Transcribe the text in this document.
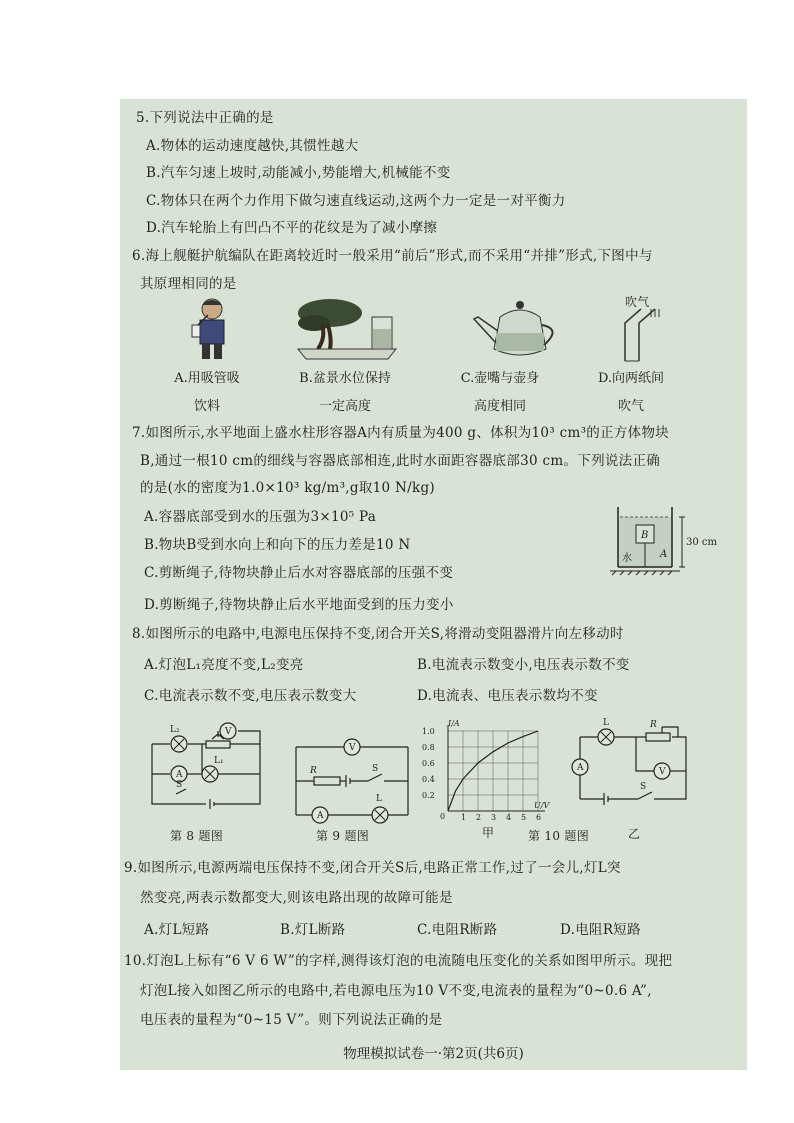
5.下列说法中正确的是
A.物体的运动速度越快,其惯性越大
B.汽车匀速上坡时,动能减小,势能增大,机械能不变
C.物体只在两个力作用下做匀速直线运动,这两个力一定是一对平衡力
D.汽车轮胎上有凹凸不平的花纹是为了减小摩擦
6.海上舰艇护航编队在距离较近时一般采用“前后”形式,而不采用“并排”形式,下图中与
其原理相同的是
吹气
A.用吸管吸
饮料
B.盆景水位保持
一定高度
C.壶嘴与壶身
高度相同
D.向两纸间
吹气
7.如图所示,水平地面上盛水柱形容器A内有质量为400 g、体积为10³ cm³的正方体物块
B,通过一根10 cm的细线与容器底部相连,此时水面距容器底部30 cm。下列说法正确
的是(水的密度为1.0×10³ kg/m³,g取10 N/kg)
A.容器底部受到水的压强为3×10⁵ Pa
B.物块B受到水向上和向下的压力差是10 N
C.剪断绳子,待物块静止后水对容器底部的压强不变
D.剪断绳子,待物块静止后水平地面受到的压力变小
B
水	A
30 cm
8.如图所示的电路中,电源电压保持不变,闭合开关S,将滑动变阻器滑片向左移动时
A.灯泡L₁亮度不变,L₂变亮	B.电流表示数变小,电压表示数不变
C.电流表示数不变,电压表示数变大	D.电流表、电压表示数均不变
A
V
L₂
L₁
S
第 8 题图
V
A
R	S
L
第 9 题图
I/A
U/V
0 1 2 3 4 5 6
0.2
0.4
0.6
0.8
1.0
甲	第 10 题图
A	V
L	R
S
乙
9.如图所示,电源两端电压保持不变,闭合开关S后,电路正常工作,过了一会儿,灯L突
然变亮,两表示数都变大,则该电路出现的故障可能是
A.灯L短路	B.灯L断路	C.电阻R断路	D.电阻R短路
10.灯泡L上标有“6 V 6 W”的字样,测得该灯泡的电流随电压变化的关系如图甲所示。现把
灯泡L接入如图乙所示的电路中,若电源电压为10 V不变,电流表的量程为“0~0.6 A”,
电压表的量程为“0~15 V”。则下列说法正确的是
物理模拟试卷一·第2页(共6页)
